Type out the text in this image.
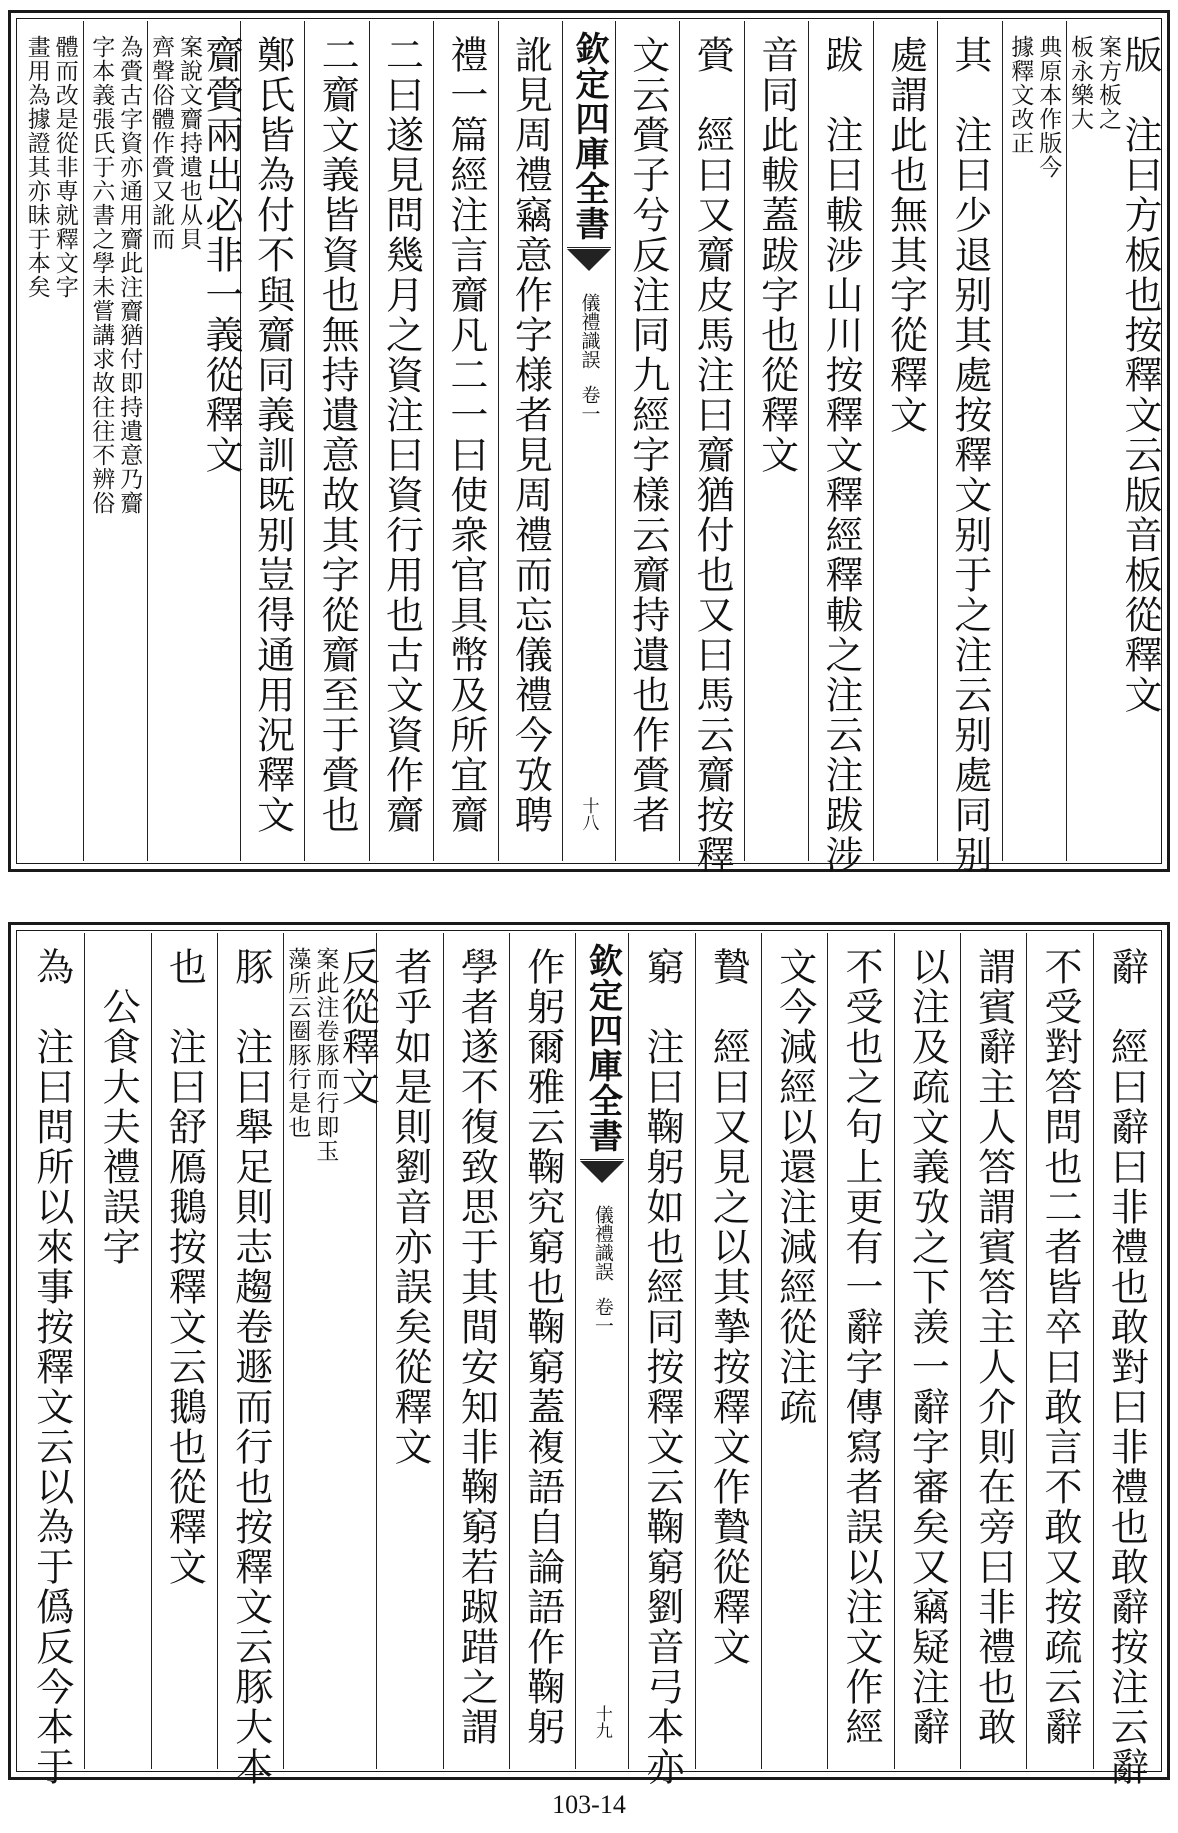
版　注曰方板也按釋文云版音板從釋文
案方板之
板永樂大
典原本作版今
據釋文改正
其　注曰少退别其處按釋文别于之注云别處同别
處謂此也無其字從釋文
跋　注曰軷涉山川按釋文釋經釋軷之注云注跋涉
音同此軷蓋跋字也從釋文
賫　經曰又齎皮馬注曰齎猶付也又曰馬云齎按釋
文云賫子兮反注同九經字樣云齎持遺也作賫者
欽定四庫全書
儀禮識誤
卷一
十八
訛見周禮竊意作字様者見周禮而忘儀禮今攷聘
禮一篇經注言齎凡二一曰使衆官具幣及所宜齎
二曰遂見問幾月之資注曰資行用也古文資作齎
二齎文義皆資也無持遺意故其字從齎至于賫也
鄭氏皆為付不與齎同義訓既别豈得通用況釋文
齎賫兩出必非一義從釋文
案說文齎持遺也从貝
齊聲俗體作賫又訛而
為賫古字資亦通用齎此注齎猶付即持遺意乃齎
字本義張氏于六書之學未嘗講求故往往不辨俗
體而改是從非専就釋文字
畫用為據證其亦昧于本矣
辭　經曰辭曰非禮也敢對曰非禮也敢辭按注云辭
不受對答問也二者皆卒曰敢言不敢又按疏云辭
謂賓辭主人答謂賓答主人介則在旁曰非禮也敢
以注及疏文義攷之下羡一辭字審矣又竊疑注辭
不受也之句上更有一辭字傳寫者誤以注文作經
文今減經以還注減經從注疏
贄　經曰又見之以其摯按釋文作贄從釋文
窮　注曰鞠躬如也經同按釋文云鞠窮劉音弓本亦
欽定四庫全書
儀禮識誤
卷一
十九
作躬爾雅云鞠究窮也鞠窮蓋複語自論語作鞠躬
學者遂不復致思于其間安知非鞠窮若踧踖之謂
者乎如是則劉音亦誤矣從釋文
反從釋文
案此注卷豚而行即玉
藻所云圈豚行是也
豚　注曰舉足則志趨卷遯而行也按釋文云豚大本
也　注曰舒鴈鵝按釋文云鵝也從釋文
　公食大夫禮誤字
為　注曰問所以來事按釋文云以為于僞反今本于
103-14
